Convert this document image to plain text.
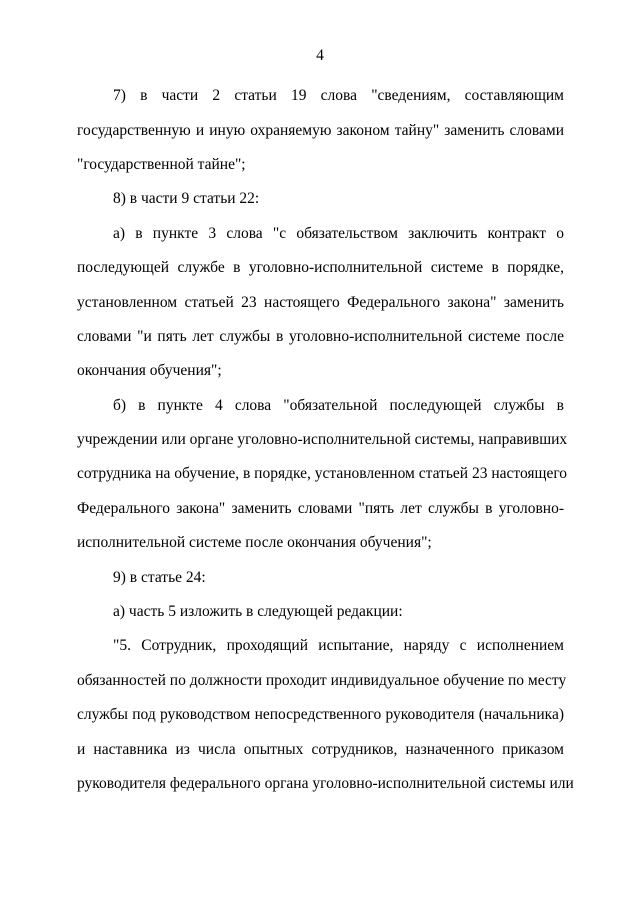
4
7) в части 2 статьи 19 слова "сведениям, составляющим
государственную и иную охраняемую законом тайну" заменить словами
"государственной тайне";
8) в части 9 статьи 22:
а) в пункте 3 слова "с обязательством заключить контракт о
последующей службе в уголовно-исполнительной системе в порядке,
установленном статьей 23 настоящего Федерального закона" заменить
словами "и пять лет службы в уголовно-исполнительной системе после
окончания обучения";
б) в пункте 4 слова "обязательной последующей службы в
учреждении или органе уголовно-исполнительной системы, направивших
сотрудника на обучение, в порядке, установленном статьей 23 настоящего
Федерального закона" заменить словами "пять лет службы в уголовно-
исполнительной системе после окончания обучения";
9) в статье 24:
а) часть 5 изложить в следующей редакции:
"5. Сотрудник, проходящий испытание, наряду с исполнением
обязанностей по должности проходит индивидуальное обучение по месту
службы под руководством непосредственного руководителя (начальника)
и наставника из числа опытных сотрудников, назначенного приказом
руководителя федерального органа уголовно-исполнительной системы или
